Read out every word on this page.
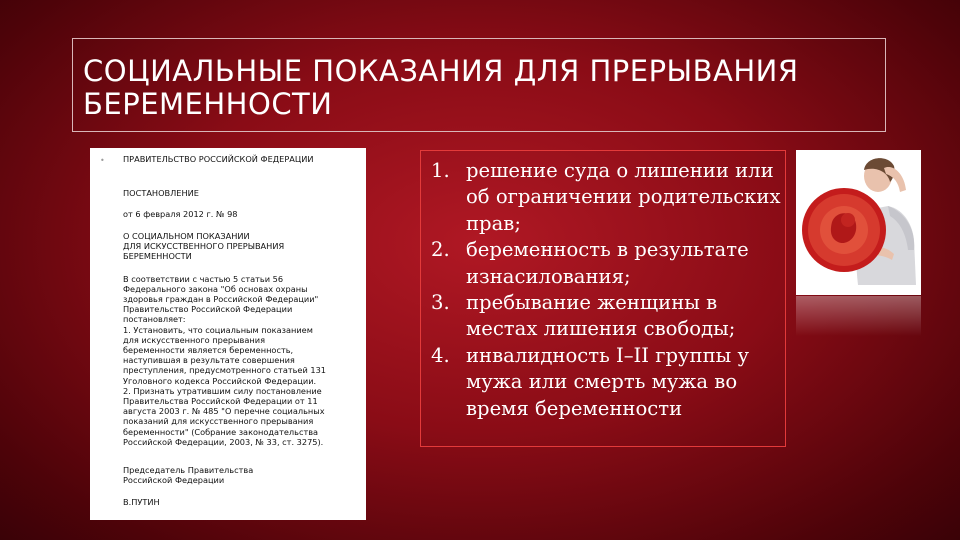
СОЦИАЛЬНЫЕ ПОКАЗАНИЯ ДЛЯ ПРЕРЫВАНИЯ
БЕРЕМЕННОСТИ
• ПРАВИТЕЛЬСТВО РОССИЙСКОЙ ФЕДЕРАЦИИ

ПОСТАНОВЛЕНИЕ

от 6 февраля 2012 г. № 98

О СОЦИАЛЬНОМ ПОКАЗАНИИ
ДЛЯ ИСКУССТВЕННОГО ПРЕРЫВАНИЯ
БЕРЕМЕННОСТИ

В соответствии с частью 5 статьи 56
Федерального закона "Об основах охраны
здоровья граждан в Российской Федерации"
Правительство Российской Федерации
постановляет:
1. Установить, что социальным показанием
для искусственного прерывания
беременности является беременность,
наступившая в результате совершения
преступления, предусмотренного статьей 131
Уголовного кодекса Российской Федерации.
2. Признать утратившим силу постановление
Правительства Российской Федерации от 11
августа 2003 г. № 485 "О перечне социальных
показаний для искусственного прерывания
беременности" (Собрание законодательства
Российской Федерации, 2003, № 33, ст. 3275).

Председатель Правительства
Российской Федерации

В.ПУТИН

1. решение суда о лишении или об ограничении родительских прав;
2. беременность в результате изнасилования;
3. пребывание женщины в местах лишения свободы;
4. инвалидность I–II группы у мужа или смерть мужа во время беременности
